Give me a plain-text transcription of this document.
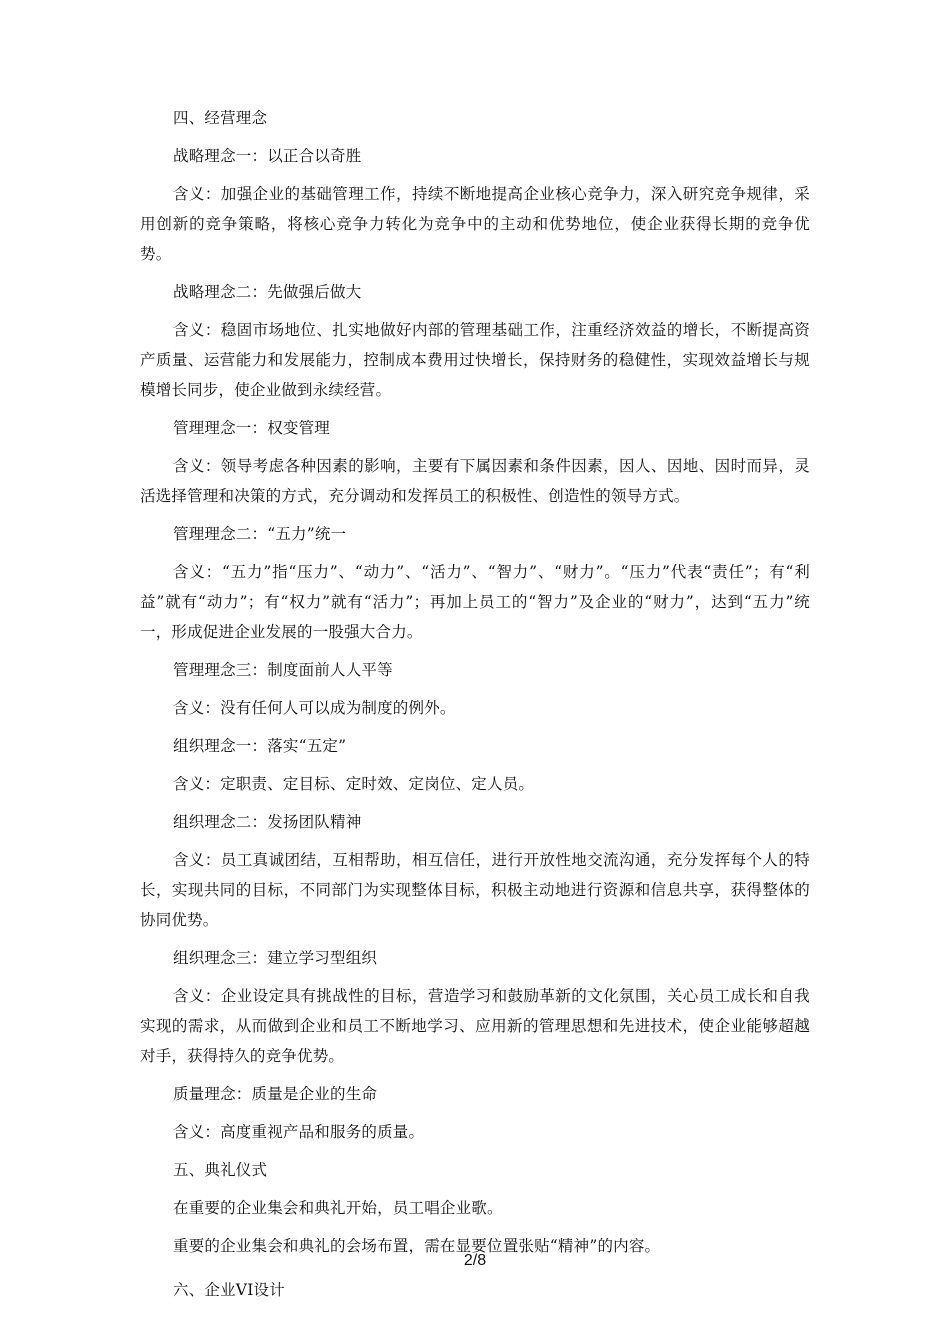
四、经营理念

战略理念一：以正合以奇胜

含义：加强企业的基础管理工作，持续不断地提高企业核心竞争力，深入研究竞争规律，采用创新的竞争策略，将核心竞争力转化为竞争中的主动和优势地位，使企业获得长期的竞争优势。

战略理念二：先做强后做大

含义：稳固市场地位、扎实地做好内部的管理基础工作，注重经济效益的增长，不断提高资产质量、运营能力和发展能力，控制成本费用过快增长，保持财务的稳健性，实现效益增长与规模增长同步，使企业做到永续经营。

管理理念一：权变管理

含义：领导考虑各种因素的影响，主要有下属因素和条件因素，因人、因地、因时而异，灵活选择管理和决策的方式，充分调动和发挥员工的积极性、创造性的领导方式。

管理理念二：“五力”统一

含义：“五力”指“压力”、“动力”、“活力”、“智力”、“财力”。“压力”代表“责任”；有“利益”就有“动力”；有“权力”就有“活力”；再加上员工的“智力”及企业的“财力”，达到“五力”统一，形成促进企业发展的一股强大合力。

管理理念三：制度面前人人平等

含义：没有任何人可以成为制度的例外。

组织理念一：落实“五定”

含义：定职责、定目标、定时效、定岗位、定人员。

组织理念二：发扬团队精神

含义：员工真诚团结，互相帮助，相互信任，进行开放性地交流沟通，充分发挥每个人的特长，实现共同的目标，不同部门为实现整体目标，积极主动地进行资源和信息共享，获得整体的协同优势。

组织理念三：建立学习型组织

含义：企业设定具有挑战性的目标，营造学习和鼓励革新的文化氛围，关心员工成长和自我实现的需求，从而做到企业和员工不断地学习、应用新的管理思想和先进技术，使企业能够超越对手，获得持久的竞争优势。

质量理念：质量是企业的生命

含义：高度重视产品和服务的质量。

五、典礼仪式

在重要的企业集会和典礼开始，员工唱企业歌。

重要的企业集会和典礼的会场布置，需在显要位置张贴“精神”的内容。

六、企业VI设计

2/8
